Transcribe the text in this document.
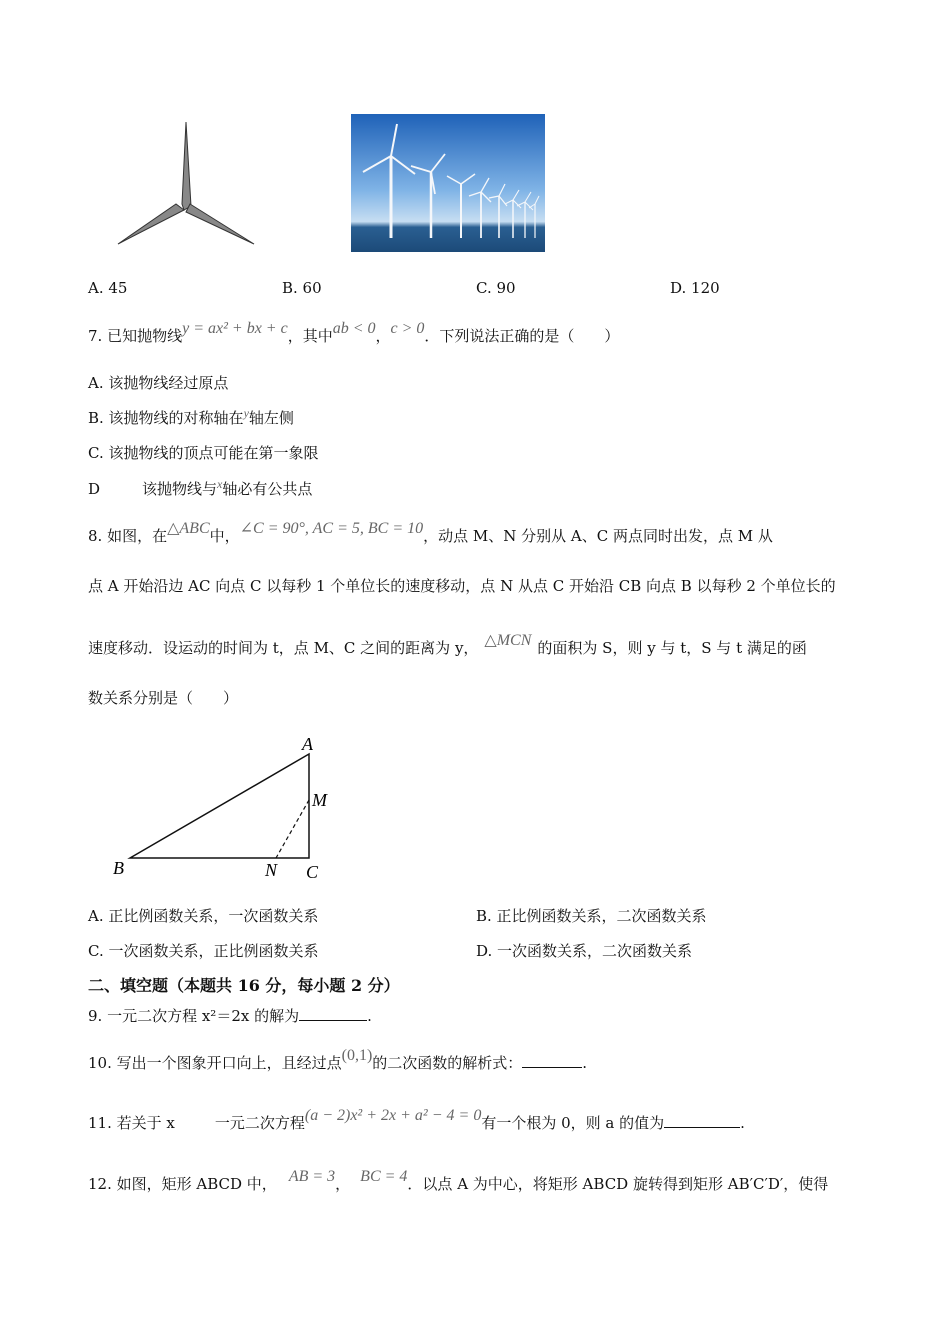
A. 45	B. 60	C. 90	D. 120
7. 已知抛物线y = ax² + bx + c，其中ab < 0，c > 0．下列说法正确的是（　　）
A. 该抛物线经过原点
B. 该抛物线的对称轴在$^y$轴左侧
C. 该抛物线的顶点可能在第一象限
D	该抛物线与$^x$轴必有公共点
8. 如图，在△ABC中，∠C = 90°, AC = 5, BC = 10，动点 M、N 分别从 A、C 两点同时出发，点 M 从
点 A 开始沿边 AC 向点 C 以每秒 1 个单位长的速度移动，点 N 从点 C 开始沿 CB 向点 B 以每秒 2 个单位长的
速度移动．设运动的时间为 t，点 M、C 之间的距离为 y， △MCN 的面积为 S，则 y 与 t，S 与 t 满足的函
数关系分别是（　　）
A
M
B	N C
A. 正比例函数关系，一次函数关系	B. 正比例函数关系，二次函数关系
C. 一次函数关系，正比例函数关系	D. 一次函数关系，二次函数关系
二、填空题（本题共 16 分，每小题 2 分）
9. 一元二次方程 x²＝2x 的解为	.
10. 写出一个图象开口向上，且经过点(0,1)的二次函数的解析式：	.
11. 若关于 x	一元二次方程(a − 2)x² + 2x + a² − 4 = 0有一个根为 0，则 a 的值为	.
12. 如图，矩形 ABCD 中， AB = 3， BC = 4．以点 A 为中心，将矩形 ABCD 旋转得到矩形 AB′C′D′，使得
